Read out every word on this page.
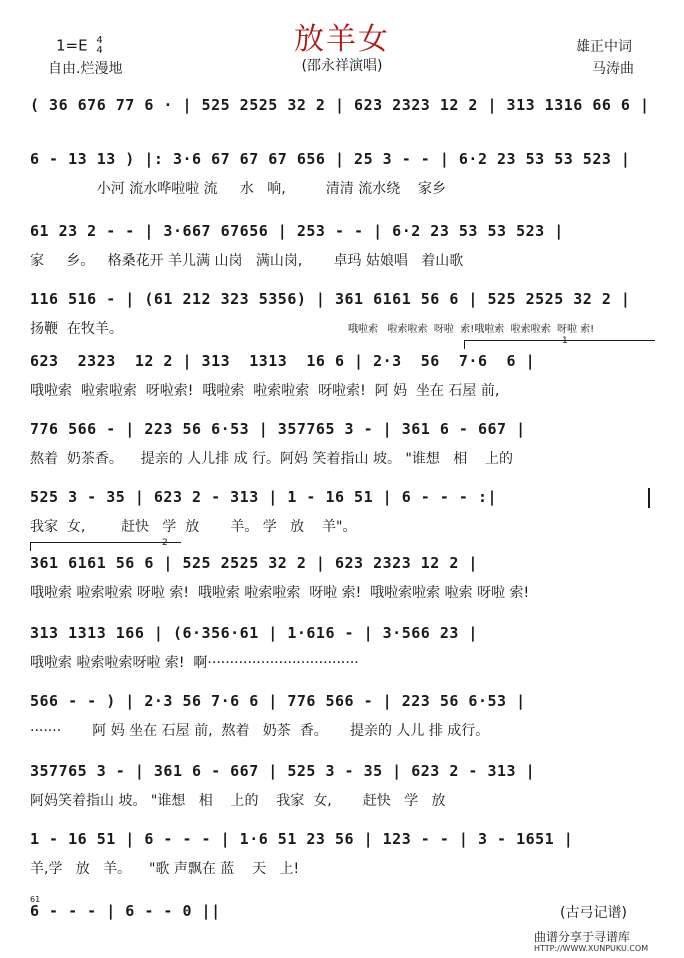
放羊女
1=E 4
4
自由.烂漫地	(邵永祥演唱)
雄正中词
马涛曲
( 36 676 77 6 · | 525 2525 32 2 | 623 2323 12 2 | 313 1316 66 6 |
6 - 13 13 ) |: 3·6 67 67 67 656 | 25 3 - - | 6·2 23 53 53 523 |
小河 流水哗啦啦 流     水   响,         清清 流水绕    家乡
61 23 2 - - | 3·667 67656 | 253 - - | 6·2 23 53 53 523 |
家     乡。   格桑花开 羊儿满 山岗   满山岗,       卓玛 姑娘唱   着山歌
116 516 - | (61 212 323 5356) | 361 6161 56 6 | 525 2525 32 2 |
扬鞭  在牧羊。	哦啦索   啦索啦索  呀啦  索!哦啦索  啦索啦索  呀啦 索!
1
623  2323  12 2 | 313  1313  16 6 | 2·3  56  7·6  6 |
哦啦索  啦索啦索  呀啦索!  哦啦索  啦索啦索  呀啦索!  阿 妈  坐在 石屋 前,
776 566 - | 223 56 6·53 | 357765 3 - | 361 6 - 667 |
熬着  奶茶香。    提亲的 人儿排 成 行。阿妈 笑着指山 坡。 "谁想   相    上的
525 3 - 35 | 623 2 - 313 | 1 - 16 51 | 6 - - - :|
我家  女,        赶快   学  放       羊。 学   放    羊"。
2
361 6161 56 6 | 525 2525 32 2 | 623 2323 12 2 |
哦啦索 啦索啦索 呀啦 索!  哦啦索 啦索啦索  呀啦 索!  哦啦索啦索 啦索 呀啦 索!
313 1313 166 | (6·356·61 | 1·616 - | 3·566 23 |
哦啦索 啦索啦索呀啦 索!  啊··································
566 - - ) | 2·3 56 7·6 6 | 776 566 - | 223 56 6·53 |
·······       阿 妈 坐在 石屋 前,  熬着   奶茶  香。     提亲的 人儿 排 成行。
357765 3 - | 361 6 - 667 | 525 3 - 35 | 623 2 - 313 |
阿妈笑着指山 坡。 "谁想   相    上的    我家  女,       赶快   学   放
1 - 16 51 | 6 - - - | 1·6 51 23 56 | 123 - - | 3 - 1651 |
羊,学   放   羊。    "歌 声飘在 蓝    天   上!
61
6 - - - | 6 - - 0 ||	(古弓记谱)
曲谱分享于寻谱库
HTTP://WWW.XUNPUKU.COM
